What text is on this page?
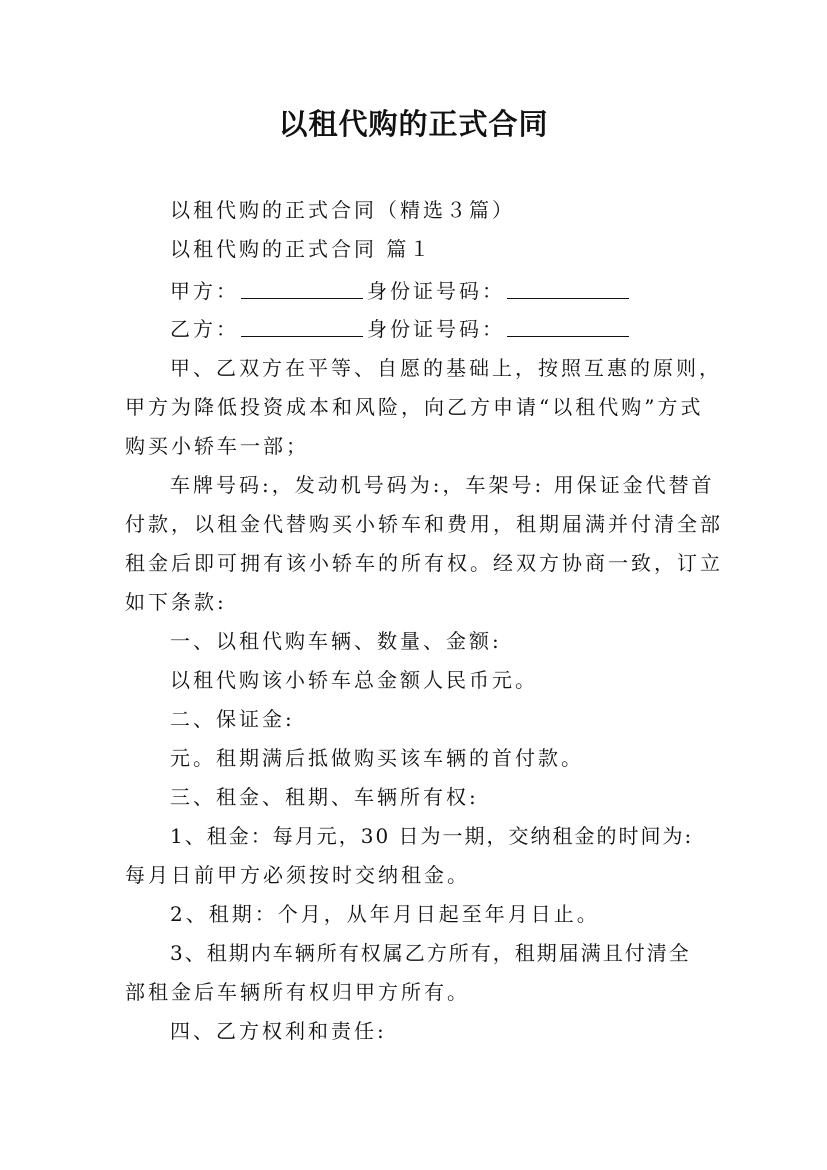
以租代购的正式合同
以租代购的正式合同（精选３篇）
以租代购的正式合同 篇１
甲方：	身份证号码：
乙方：	身份证号码：
甲、乙双方在平等、自愿的基础上，按照互惠的原则，
甲方为降低投资成本和风险，向乙方申请“以租代购”方式
购买小轿车一部；
车牌号码:，发动机号码为:，车架号: 用保证金代替首
付款，以租金代替购买小轿车和费用，租期届满并付清全部
租金后即可拥有该小轿车的所有权。经双方协商一致，订立
如下条款:
一、以租代购车辆、数量、金额:
以租代购该小轿车总金额人民币元。
二、保证金:
元。租期满后抵做购买该车辆的首付款。
三、租金、租期、车辆所有权:
1、租金：每月元，30 日为一期，交纳租金的时间为:
每月日前甲方必须按时交纳租金。
2、租期：个月，从年月日起至年月日止。
3、租期内车辆所有权属乙方所有，租期届满且付清全
部租金后车辆所有权归甲方所有。
四、乙方权利和责任:
